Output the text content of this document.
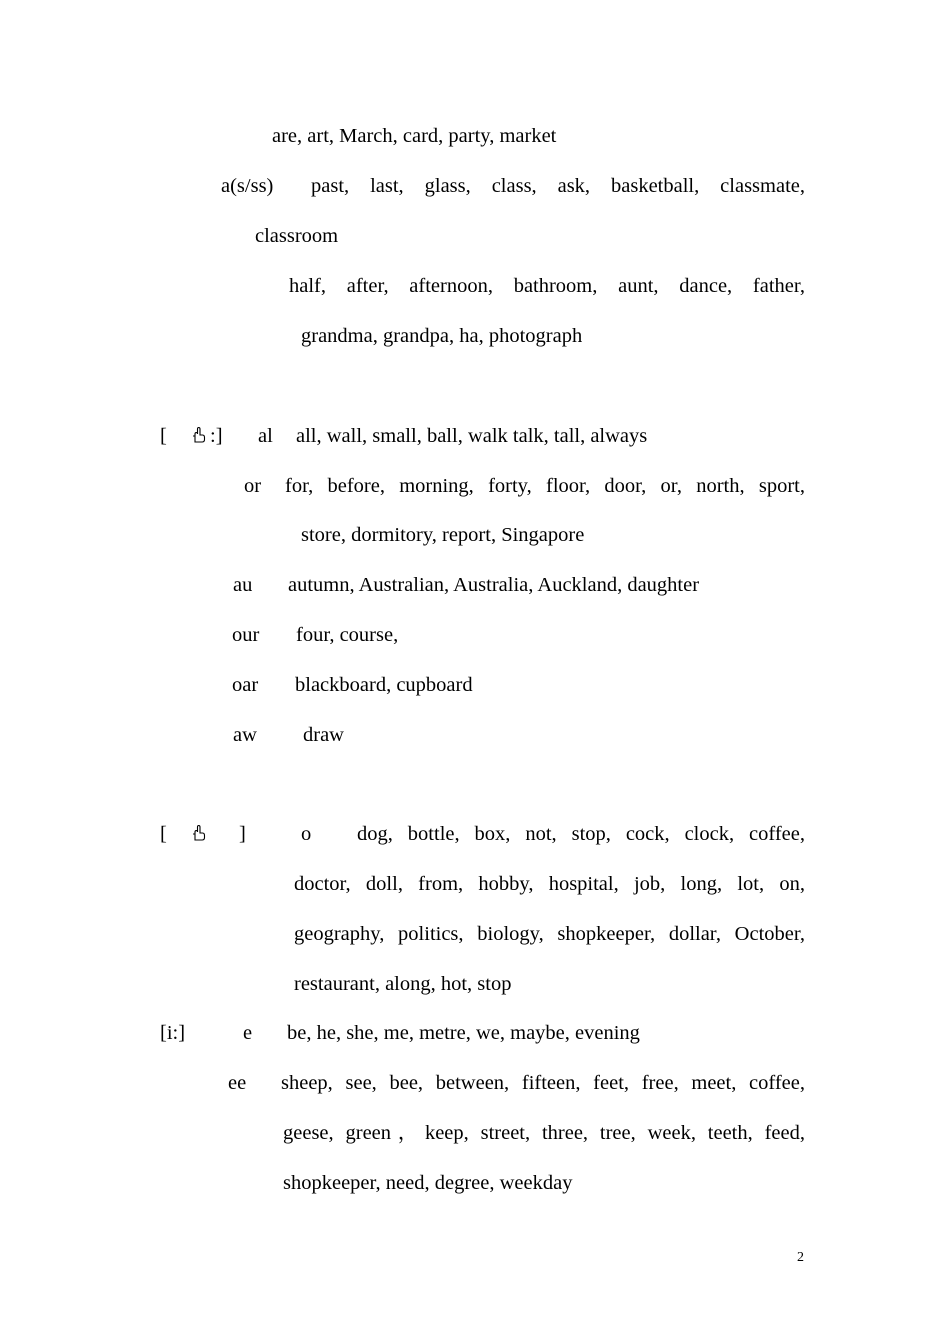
are, art, March, card, party, market
a(s/ss) past, last, glass, class, ask, basketball, classmate,
classroom
half, after, afternoon, bathroom, aunt, dance, father,
grandma, grandpa, ha, photograph
[ :] al all, wall, small, ball, walk talk, tall, always
or for, before, morning, forty, floor, door, or, north, sport,
store, dormitory, report, Singapore
au autumn, Australian, Australia, Auckland, daughter
our four, course,
oar blackboard, cupboard
aw draw
[	]	o dog, bottle, box, not, stop, cock, clock, coffee,
doctor, doll, from, hobby, hospital, job, long, lot, on,
geography, politics, biology, shopkeeper, dollar, October,
restaurant, along, hot, stop
[i:]	e be, he, she, me, metre, we, maybe, evening
ee sheep, see, bee, between, fifteen, feet, free, meet, coffee,
geese, green，keep, street, three, tree, week, teeth, feed,
shopkeeper, need, degree, weekday
2
